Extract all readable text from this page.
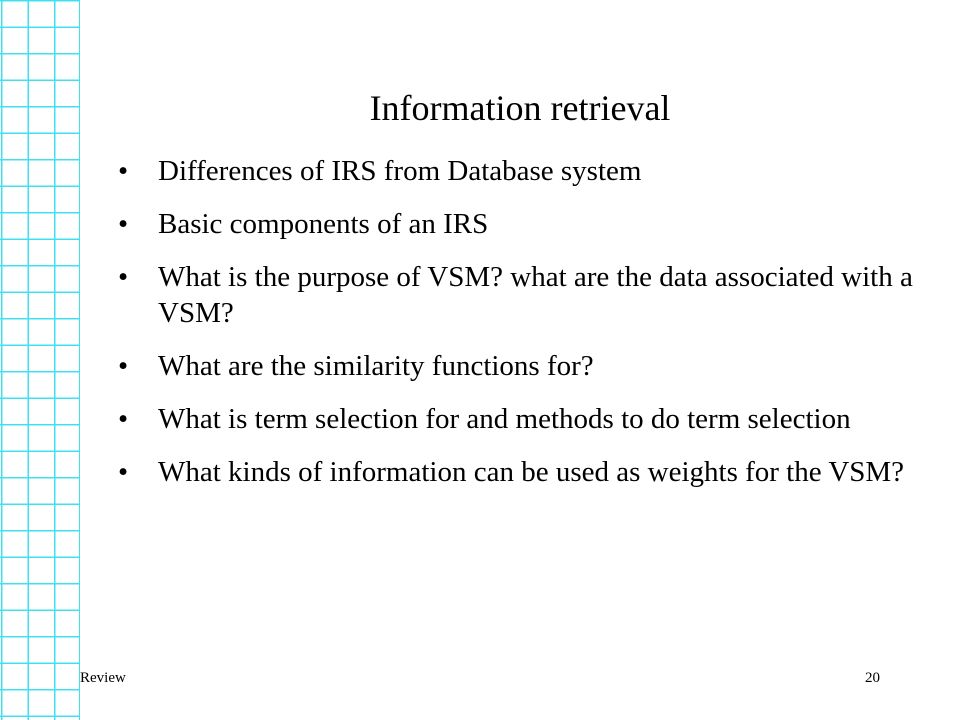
Information retrieval
• Differences of IRS from Database system
• Basic components of an IRS
• What is the purpose of VSM? what are the data associated with a VSM?
• What are the similarity functions for?
• What is term selection for and methods to do term selection
• What kinds of information can be used as weights for the VSM?
Review	20
